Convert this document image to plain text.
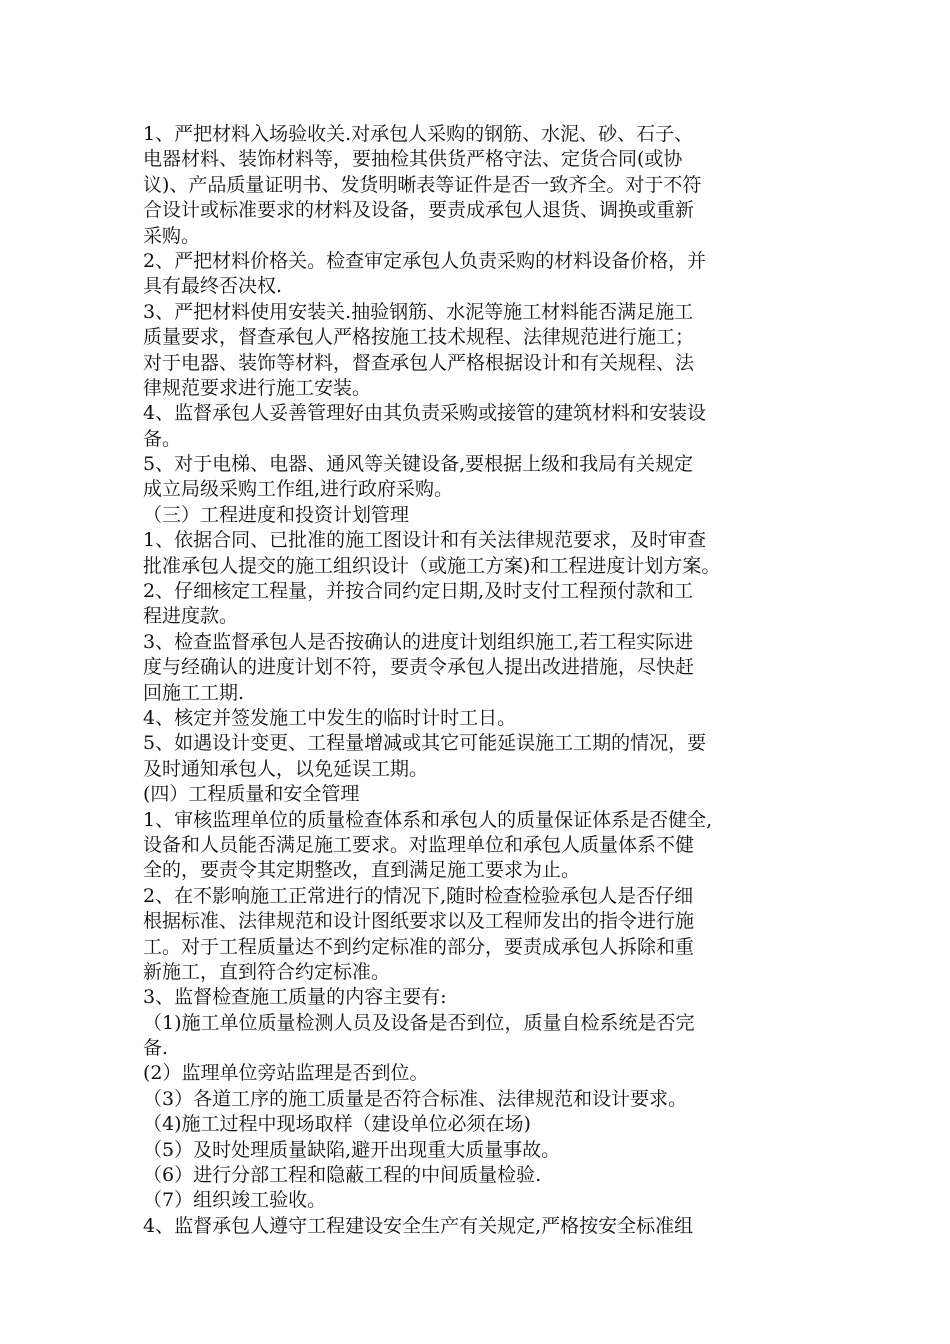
1、严把材料入场验收关.对承包人采购的钢筋、水泥、砂、石子、
电器材料、装饰材料等，要抽检其供货严格守法、定货合同(或协
议)、产品质量证明书、发货明晰表等证件是否一致齐全。对于不符
合设计或标准要求的材料及设备，要责成承包人退货、调换或重新
采购。
2、严把材料价格关。检查审定承包人负责采购的材料设备价格，并
具有最终否决权.
3、严把材料使用安装关.抽验钢筋、水泥等施工材料能否满足施工
质量要求，督查承包人严格按施工技术规程、法律规范进行施工；
对于电器、装饰等材料，督查承包人严格根据设计和有关规程、法
律规范要求进行施工安装。
4、监督承包人妥善管理好由其负责采购或接管的建筑材料和安装设
备。
5、对于电梯、电器、通风等关键设备,要根据上级和我局有关规定
成立局级采购工作组,进行政府采购。
（三）工程进度和投资计划管理
1、依据合同、已批准的施工图设计和有关法律规范要求，及时审查
批准承包人提交的施工组织设计（或施工方案)和工程进度计划方案。
2、仔细核定工程量，并按合同约定日期,及时支付工程预付款和工
程进度款。
3、检查监督承包人是否按确认的进度计划组织施工,若工程实际进
度与经确认的进度计划不符，要责令承包人提出改进措施，尽快赶
回施工工期.
4、核定并签发施工中发生的临时计时工日。
5、如遇设计变更、工程量增减或其它可能延误施工工期的情况，要
及时通知承包人，以免延误工期。
(四）工程质量和安全管理
1、审核监理单位的质量检查体系和承包人的质量保证体系是否健全,
设备和人员能否满足施工要求。对监理单位和承包人质量体系不健
全的，要责令其定期整改，直到满足施工要求为止。
2、在不影响施工正常进行的情况下,随时检查检验承包人是否仔细
根据标准、法律规范和设计图纸要求以及工程师发出的指令进行施
工。对于工程质量达不到约定标准的部分，要责成承包人拆除和重
新施工，直到符合约定标准。
3、监督检查施工质量的内容主要有:
（1)施工单位质量检测人员及设备是否到位，质量自检系统是否完
备.
(2）监理单位旁站监理是否到位。
（3）各道工序的施工质量是否符合标准、法律规范和设计要求。
（4)施工过程中现场取样（建设单位必须在场)
（5）及时处理质量缺陷,避开出现重大质量事故。
（6）进行分部工程和隐蔽工程的中间质量检验.
（7）组织竣工验收。
4、监督承包人遵守工程建设安全生产有关规定,严格按安全标准组
